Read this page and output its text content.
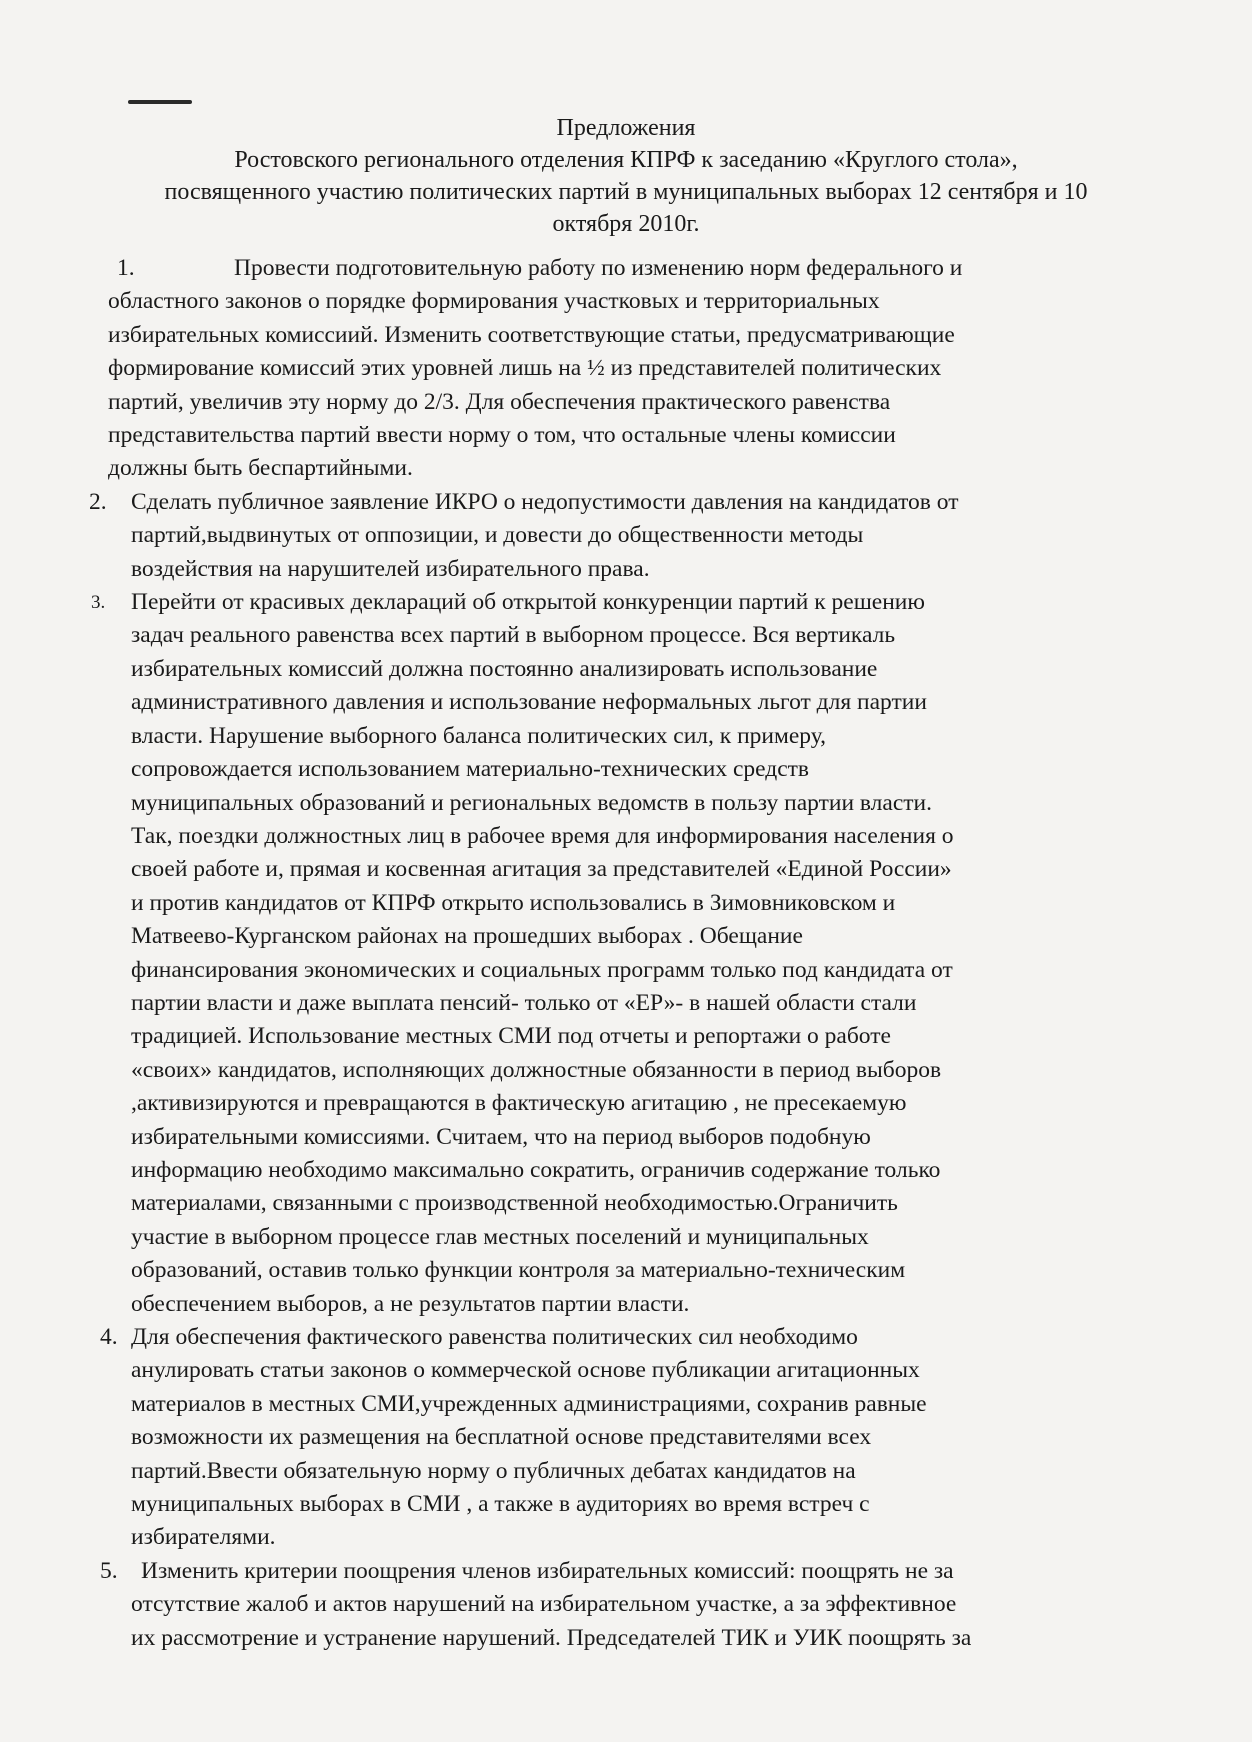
Предложения
Ростовского регионального отделения КПРФ к заседанию «Круглого стола»,
посвященного участию политических партий в муниципальных выборах 12 сентября и 10
октября 2010г.
1.	Провести подготовительную работу по изменению норм федерального и
областного законов о порядке формирования участковых и территориальных
избирательных комиссиий. Изменить соответствующие статьи, предусматривающие
формирование комиссий этих уровней лишь на ½ из представителей политических
партий, увеличив эту норму до 2/3. Для обеспечения практического равенства
представительства партий ввести норму о том, что остальные члены комиссии
должны быть беспартийными.
2. Сделать публичное заявление ИКРО о недопустимости давления на кандидатов от
партий,выдвинутых от оппозиции, и довести до общественности методы
воздействия на нарушителей избирательного права.
3. Перейти от красивых деклараций об открытой конкуренции партий к решению
задач реального равенства всех партий в выборном процессе. Вся вертикаль
избирательных комиссий должна постоянно анализировать использование
административного давления и использование неформальных льгот для партии
власти. Нарушение выборного баланса политических сил, к примеру,
сопровождается использованием материально-технических средств
муниципальных образований и региональных ведомств в пользу партии власти.
Так, поездки должностных лиц в рабочее время для информирования населения о
своей работе и, прямая и косвенная агитация за представителей «Единой России»
и против кандидатов от КПРФ открыто использовались в Зимовниковском и
Матвеево-Курганском районах на прошедших выборах . Обещание
финансирования экономических и социальных программ только под кандидата от
партии власти и даже выплата пенсий- только от «ЕР»- в нашей области стали
традицией. Использование местных СМИ под отчеты и репортажи о работе
«своих» кандидатов, исполняющих должностные обязанности в период выборов
,активизируются и превращаются в фактическую агитацию , не пресекаемую
избирательными комиссиями. Считаем, что на период выборов подобную
информацию необходимо максимально сократить, ограничив содержание только
материалами, связанными с производственной необходимостью.Ограничить
участие в выборном процессе глав местных поселений и муниципальных
образований, оставив только функции контроля за материально-техническим
обеспечением выборов, а не результатов партии власти.
4. Для обеспечения фактического равенства политических сил необходимо
анулировать статьи законов о коммерческой основе публикации агитационных
материалов в местных СМИ,учрежденных администрациями, сохранив равные
возможности их размещения на бесплатной основе представителями всех
партий.Ввести обязательную норму о публичных дебатах кандидатов на
муниципальных выборах в СМИ , а также в аудиториях во время встреч с
избирателями.
5. Изменить критерии поощрения членов избирательных комиссий: поощрять не за
отсутствие жалоб и актов нарушений на избирательном участке, а за эффективное
их рассмотрение и устранение нарушений. Председателей ТИК и УИК поощрять за
